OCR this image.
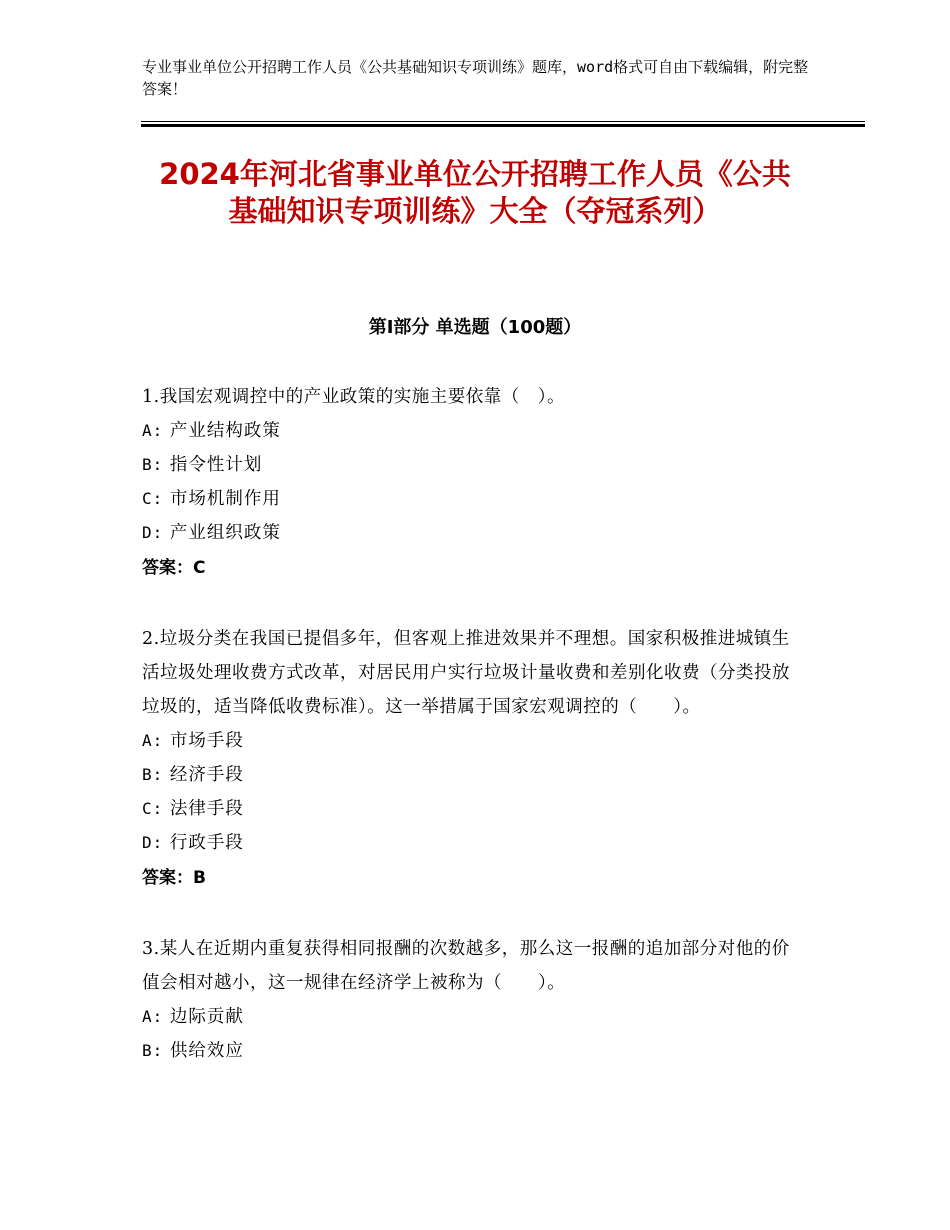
专业事业单位公开招聘工作人员《公共基础知识专项训练》题库，word格式可自由下载编辑，附完整答案！
2024年河北省事业单位公开招聘工作人员《公共基础知识专项训练》大全（夺冠系列）
第Ⅰ部分 单选题（100题）

1.我国宏观调控中的产业政策的实施主要依靠（　）。

A: 产业结构政策

B: 指令性计划

C: 市场机制作用

D: 产业组织政策

答案：C

2.垃圾分类在我国已提倡多年，但客观上推进效果并不理想。国家积极推进城镇生活垃圾处理收费方式改革，对居民用户实行垃圾计量收费和差别化收费（分类投放垃圾的，适当降低收费标准）。这一举措属于国家宏观调控的（　　）。

A: 市场手段

B: 经济手段

C: 法律手段

D: 行政手段

答案：B

3.某人在近期内重复获得相同报酬的次数越多，那么这一报酬的追加部分对他的价值会相对越小，这一规律在经济学上被称为（　　）。

A: 边际贡献

B: 供给效应
